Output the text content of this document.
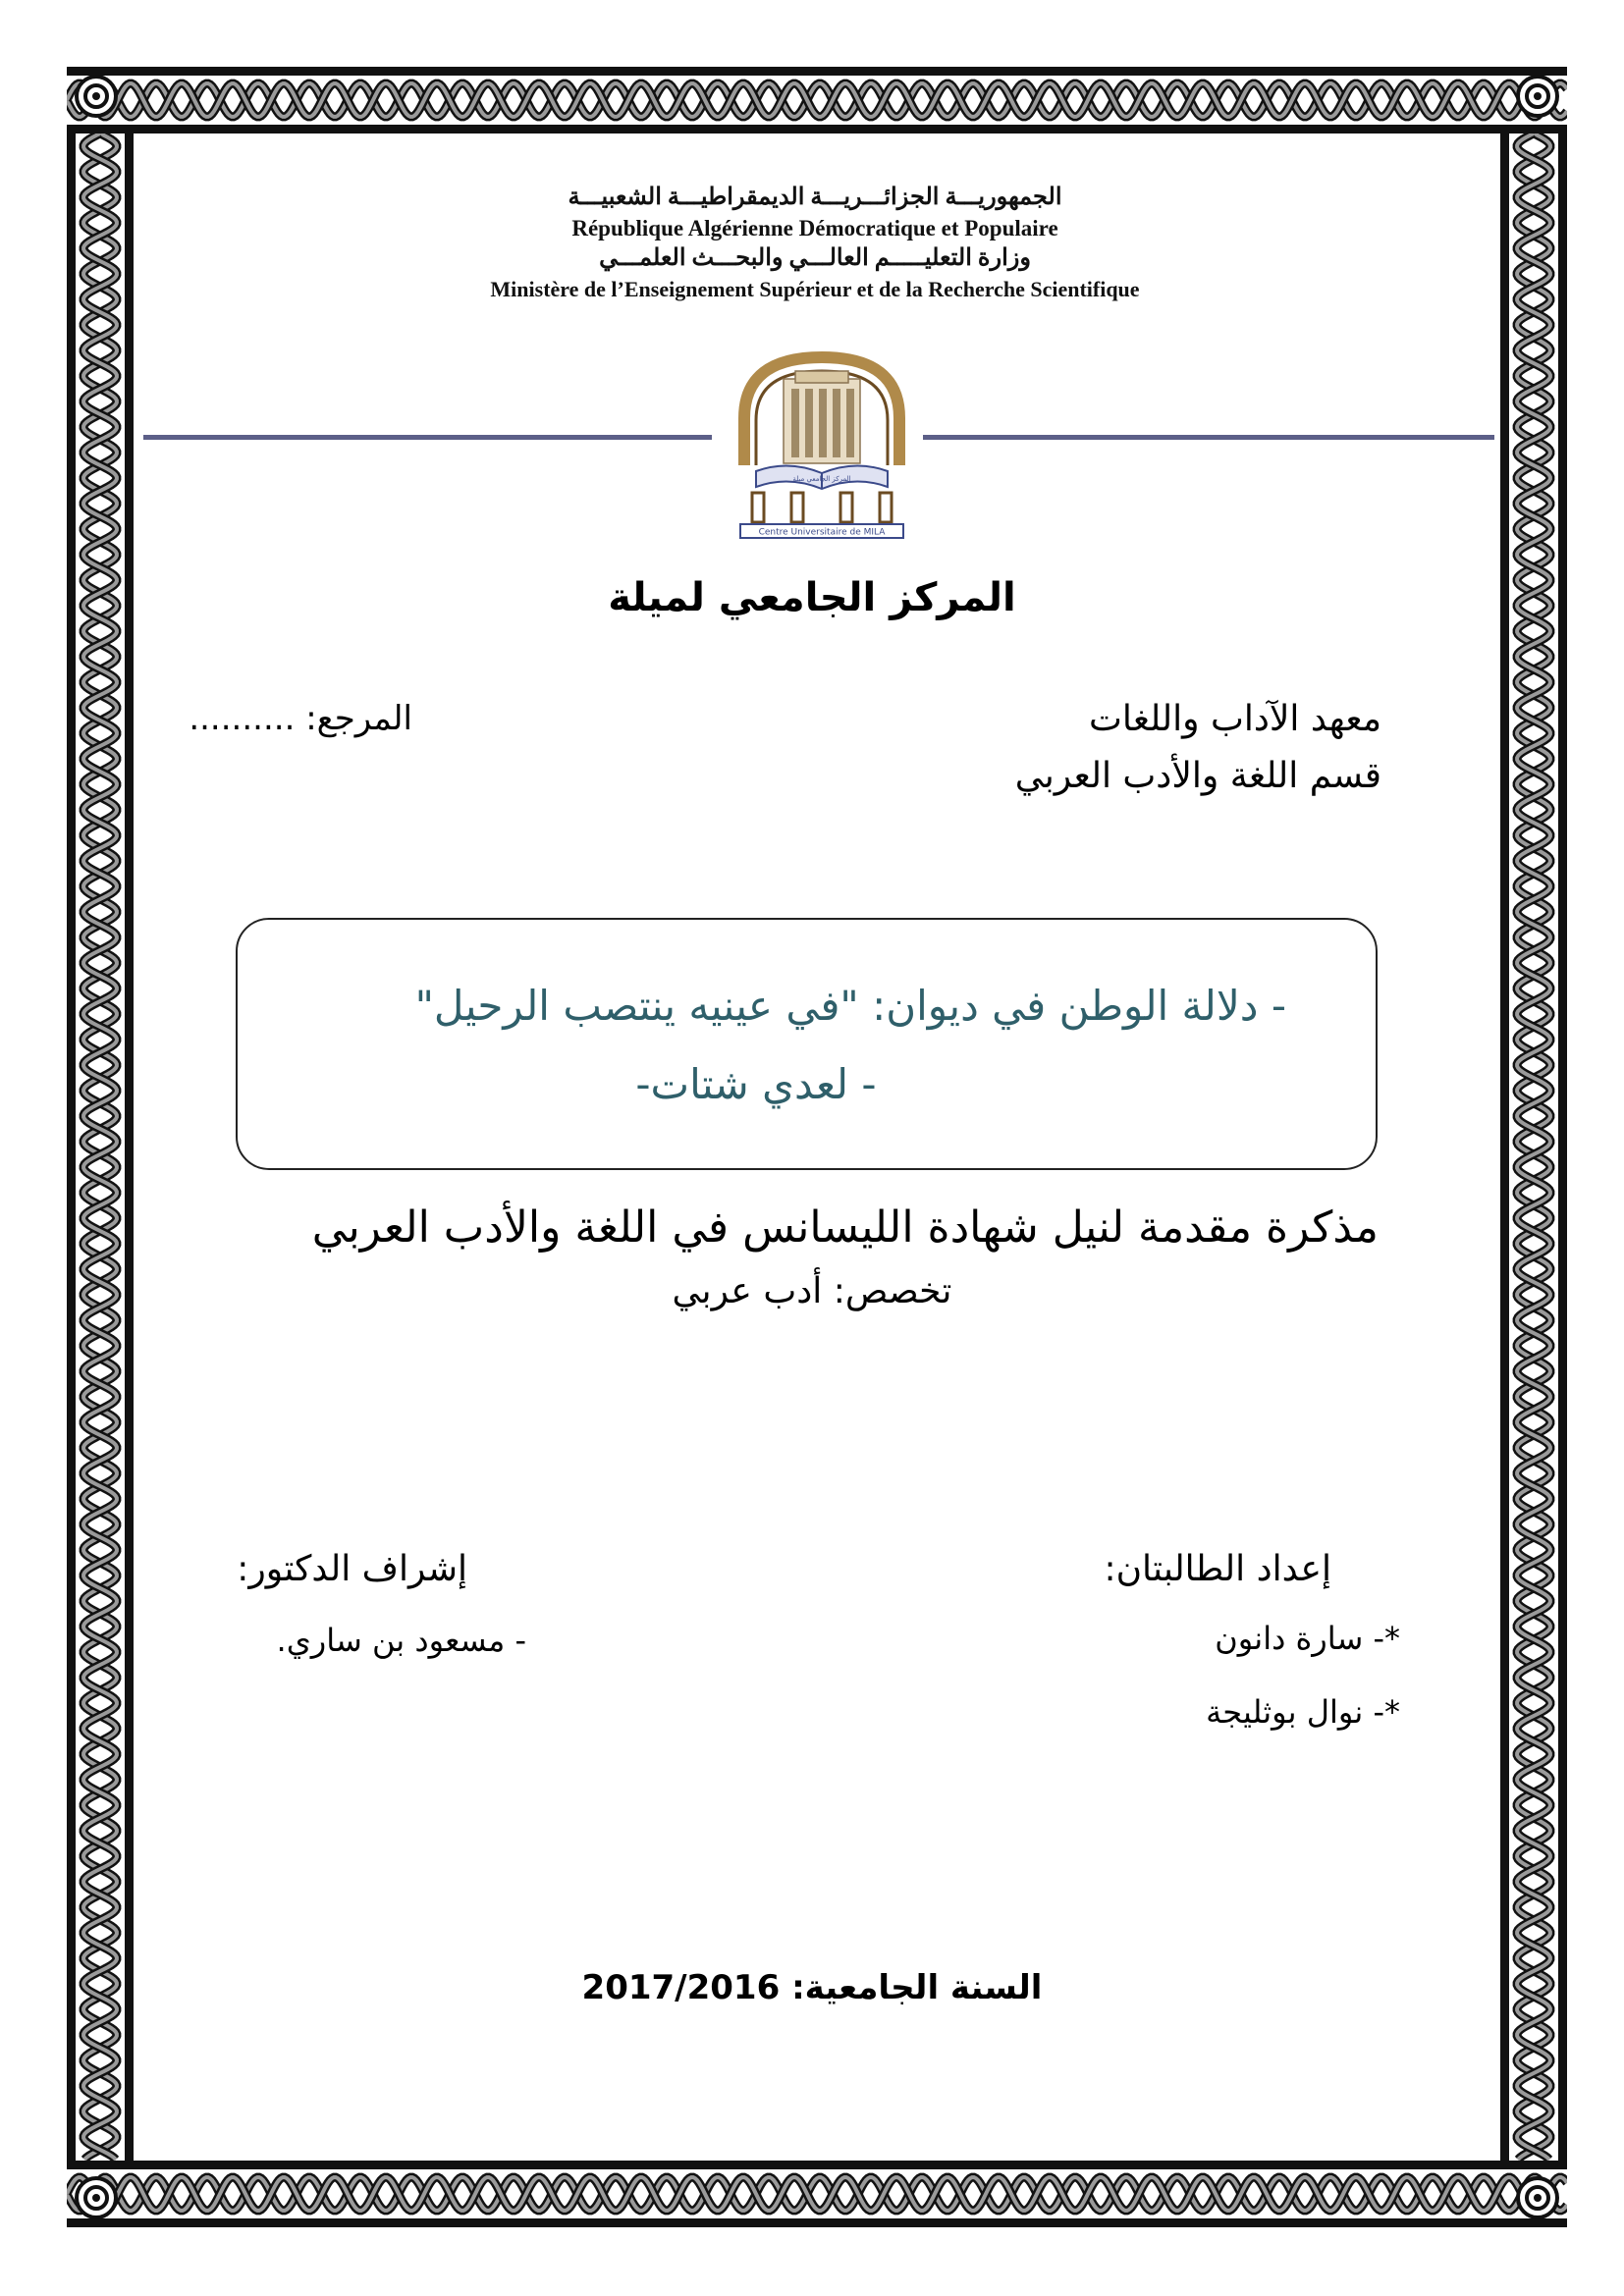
الجمهوريـــة الجزائـــريـــة الديمقراطيـــة الشعبيـــة
République Algérienne Démocratique et Populaire
وزارة التعليـــــم العالـــي والبحـــث العلمـــي
Ministère de l’Enseignement Supérieur et de la Recherche Scientifique
المركز الجامعي ميلة
Centre Universitaire de MILA
المركز الجامعي لميلة
معهد الآداب واللغات
قسم اللغة والأدب العربي
المرجع: ..........
- دلالة الوطن في ديوان: "في عينيه ينتصب الرحيل"
- لعدي شتات-
مذكرة مقدمة لنيل شهادة الليسانس في اللغة والأدب العربي
تخصص: أدب عربي
إعداد الطالبتان:
*- سارة دانون
*- نوال بوثليجة
إشراف الدكتور:
- مسعود بن ساري.
السنة الجامعية: 2017/2016
